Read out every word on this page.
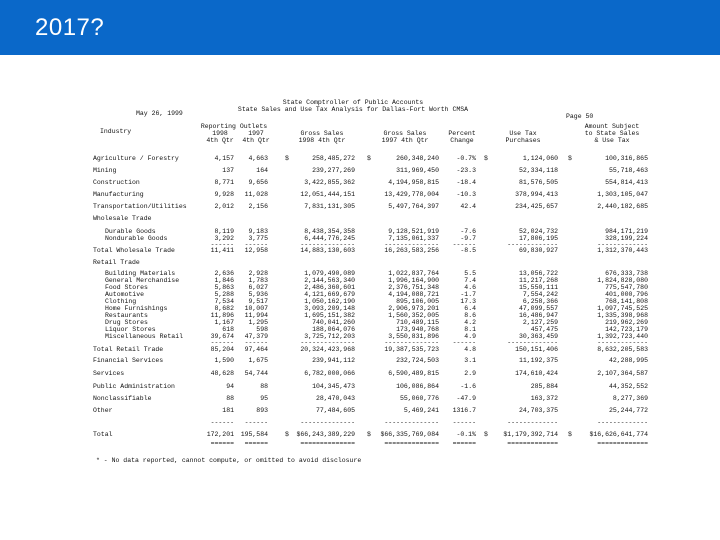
2017?
May 26, 1999
State Comptroller of Public Accounts
State Sales and Use Tax Analysis for Dallas-Fort Worth CMSA
Page 50
Industry
Reporting Outlets
1998
4th Qtr
1997
4th Qtr
Gross Sales
1998 4th Qtr
Gross Sales
1997 4th Qtr
Percent
Change
Use Tax
Purchases
Amount Subject
to State Sales
& Use Tax
Agriculture / Forestry	4,157	4,663	$	258,485,272 $	260,348,240	-0.7% $	1,124,060 $	100,316,865
Mining	137	164	239,277,269	311,969,450	-23.3	52,334,118	55,718,463
Construction	8,771	9,656	3,422,855,362	4,194,958,815	-18.4	81,576,505	554,814,413
Manufacturing	9,928	11,028	12,051,444,151	13,429,778,004	-10.3	378,994,413	1,303,105,047
Transportation/Utilities	2,012	2,156	7,831,131,305	5,497,764,397	42.4	234,425,657	2,440,182,685
Wholesale Trade
Durable Goods	8,119	9,183	8,438,354,358	9,128,521,919	-7.6	52,024,732	984,171,219
Nondurable Goods	3,292	3,775	6,444,776,245	7,135,061,337	-9.7	17,806,195	328,199,224
------	------	--------------	--------------	------	-------------	-------------
Total Wholesale Trade	11,411	12,958	14,883,130,603	16,263,583,256	-8.5	69,830,927	1,312,370,443
Retail Trade
Building Materials	2,636	2,928	1,079,490,089	1,022,837,764	5.5	13,056,722	676,333,738
General Merchandise	1,846	1,783	2,144,563,340	1,996,164,900	7.4	11,217,268	1,824,828,080
Food Stores	5,863	6,027	2,486,360,601	2,376,751,348	4.6	15,550,111	775,547,780
Automotive	5,288	5,936	4,121,669,679	4,194,088,721	-1.7	7,554,242	401,000,796
Clothing	7,534	9,517	1,050,162,190	895,106,005	17.3	6,258,366	768,141,808
Home Furnishings	8,682	10,007	3,093,209,148	2,906,973,201	6.4	47,099,557	1,097,745,525
Restaurants	11,896	11,994	1,695,151,382	1,560,352,005	8.6	16,486,947	1,335,398,968
Drug Stores	1,167	1,295	740,041,260	710,489,115	4.2	2,127,259	219,962,269
Liquor Stores	618	598	188,064,076	173,940,768	8.1	457,475	142,723,179
Miscellaneous Retail	39,674	47,379	3,725,712,203	3,550,831,896	4.9	30,363,459	1,392,723,440
------	------	--------------	--------------	------	-------------	-------------
Total Retail Trade	85,204	97,464	20,324,423,968	19,387,535,723	4.8	150,151,406	8,632,205,583
Financial Services	1,590	1,675	239,941,112	232,724,503	3.1	11,192,375	42,288,995
Services	48,628	54,744	6,782,000,066	6,590,489,815	2.9	174,610,424	2,107,364,587
Public Administration	94	88	104,345,473	106,086,864	-1.6	285,884	44,352,552
Nonclassifiable	88	95	28,470,043	55,060,776	-47.9	163,372	8,277,369
Other	181	893	77,484,605	5,469,241	1316.7	24,703,375	25,244,772
------	------	--------------	--------------	------	-------------	-------------
Total	172,201	195,584	$	$66,243,389,229 $	$66,335,769,084	-0.1% $	$1,179,392,714 $	$16,626,641,774
======	======	==============	==============	======	=============	=============
* - No data reported, cannot compute, or omitted to avoid disclosure
